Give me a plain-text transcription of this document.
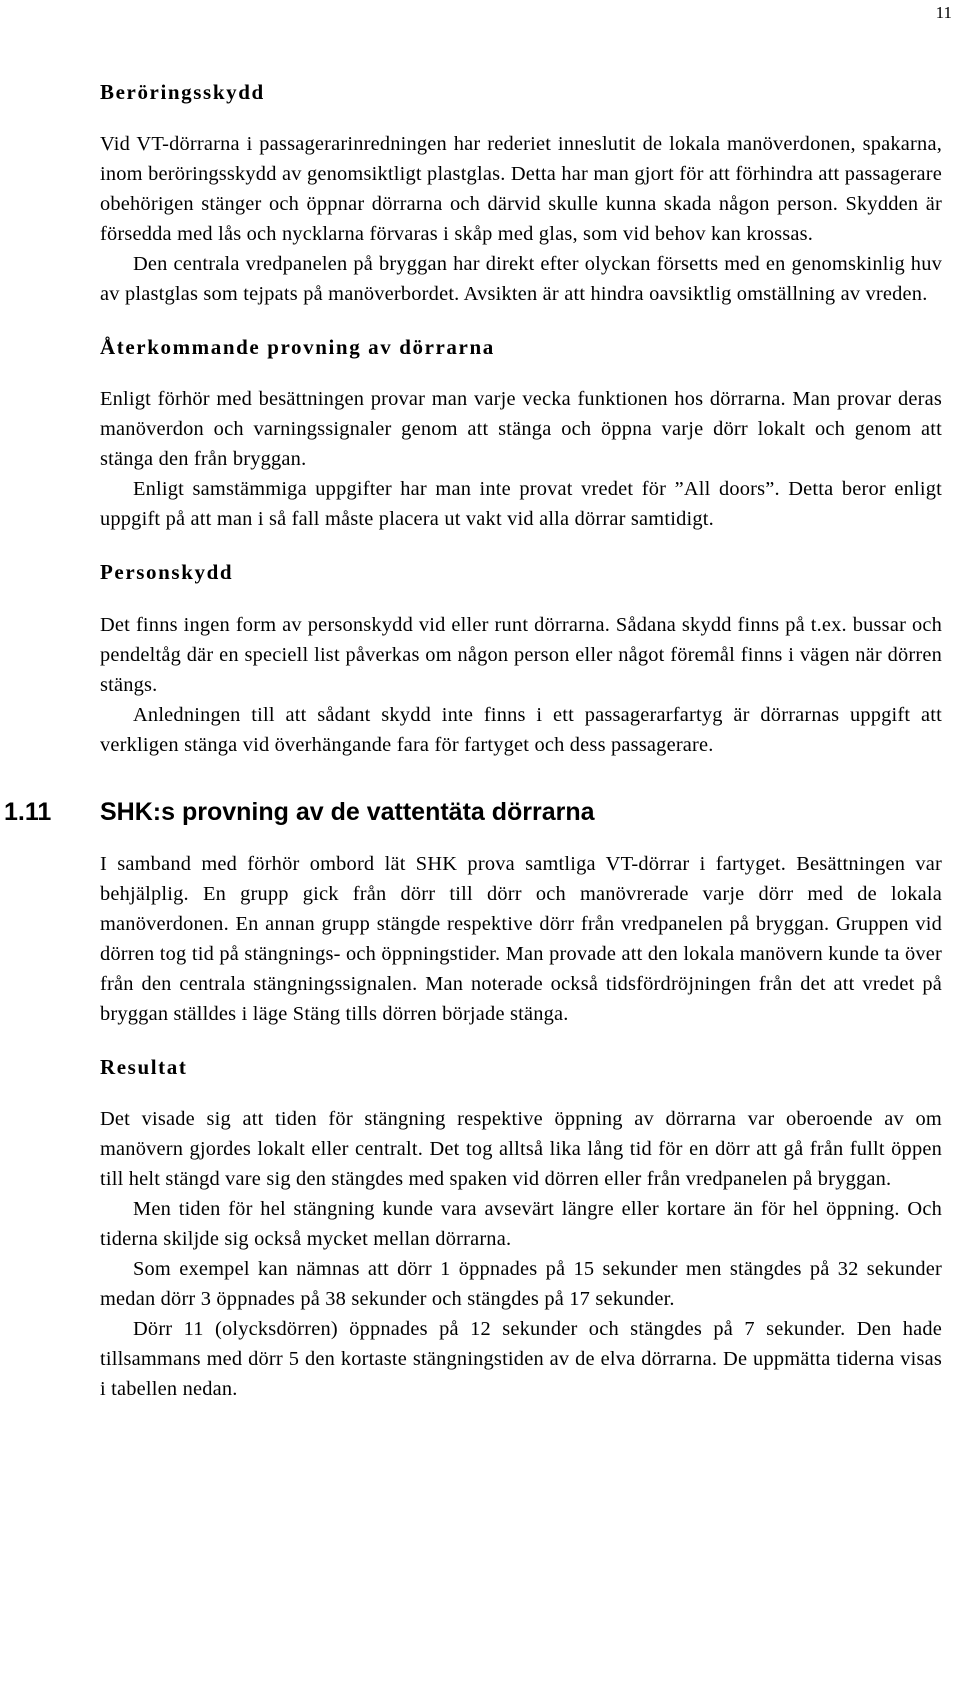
11
Beröringsskydd

Vid VT-dörrarna i passagerarinredningen har rederiet inneslutit de lokala manöverdonen, spakarna, inom beröringsskydd av genomsiktligt plastglas. Detta har man gjort för att förhindra att passagerare obehörigen stänger och öppnar dörrarna och därvid skulle kunna skada någon person. Skydden är försedda med lås och nycklarna förvaras i skåp med glas, som vid behov kan krossas.

Den centrala vredpanelen på bryggan har direkt efter olyckan försetts med en genomskinlig huv av plastglas som tejpats på manöverbordet. Avsikten är att hindra oavsiktlig omställning av vreden.

Återkommande provning av dörrarna

Enligt förhör med besättningen provar man varje vecka funktionen hos dörrarna. Man provar deras manöverdon och varningssignaler genom att stänga och öppna varje dörr lokalt och genom att stänga den från bryggan.

Enligt samstämmiga uppgifter har man inte provat vredet för ”All doors”. Detta beror enligt uppgift på att man i så fall måste placera ut vakt vid alla dörrar samtidigt.

Personskydd

Det finns ingen form av personskydd vid eller runt dörrarna. Sådana skydd finns på t.ex. bussar och pendeltåg där en speciell list påverkas om någon person eller något föremål finns i vägen när dörren stängs.

Anledningen till att sådant skydd inte finns i ett passagerarfartyg är dörrarnas uppgift att verkligen stänga vid överhängande fara för fartyget och dess passagerare.

1.11	SHK:s provning av de vattentäta dörrarna

I samband med förhör ombord lät SHK prova samtliga VT-dörrar i fartyget. Besättningen var behjälplig. En grupp gick från dörr till dörr och manövrerade varje dörr med de lokala manöverdonen. En annan grupp stängde respektive dörr från vredpanelen på bryggan. Gruppen vid dörren tog tid på stängnings- och öppningstider. Man provade att den lokala manövern kunde ta över från den centrala stängningssignalen. Man noterade också tidsfördröjningen från det att vredet på bryggan ställdes i läge Stäng tills dörren började stänga.

Resultat

Det visade sig att tiden för stängning respektive öppning av dörrarna var oberoende av om manövern gjordes lokalt eller centralt. Det tog alltså lika lång tid för en dörr att gå från fullt öppen till helt stängd vare sig den stängdes med spaken vid dörren eller från vredpanelen på bryggan.

Men tiden för hel stängning kunde vara avsevärt längre eller kortare än för hel öppning. Och tiderna skiljde sig också mycket mellan dörrarna.

Som exempel kan nämnas att dörr 1 öppnades på 15 sekunder men stängdes på 32 sekunder medan dörr 3 öppnades på 38 sekunder och stängdes på 17 sekunder.

Dörr 11 (olycksdörren) öppnades på 12 sekunder och stängdes på 7 sekunder. Den hade tillsammans med dörr 5 den kortaste stängningstiden av de elva dörrarna. De uppmätta tiderna visas i tabellen nedan.
